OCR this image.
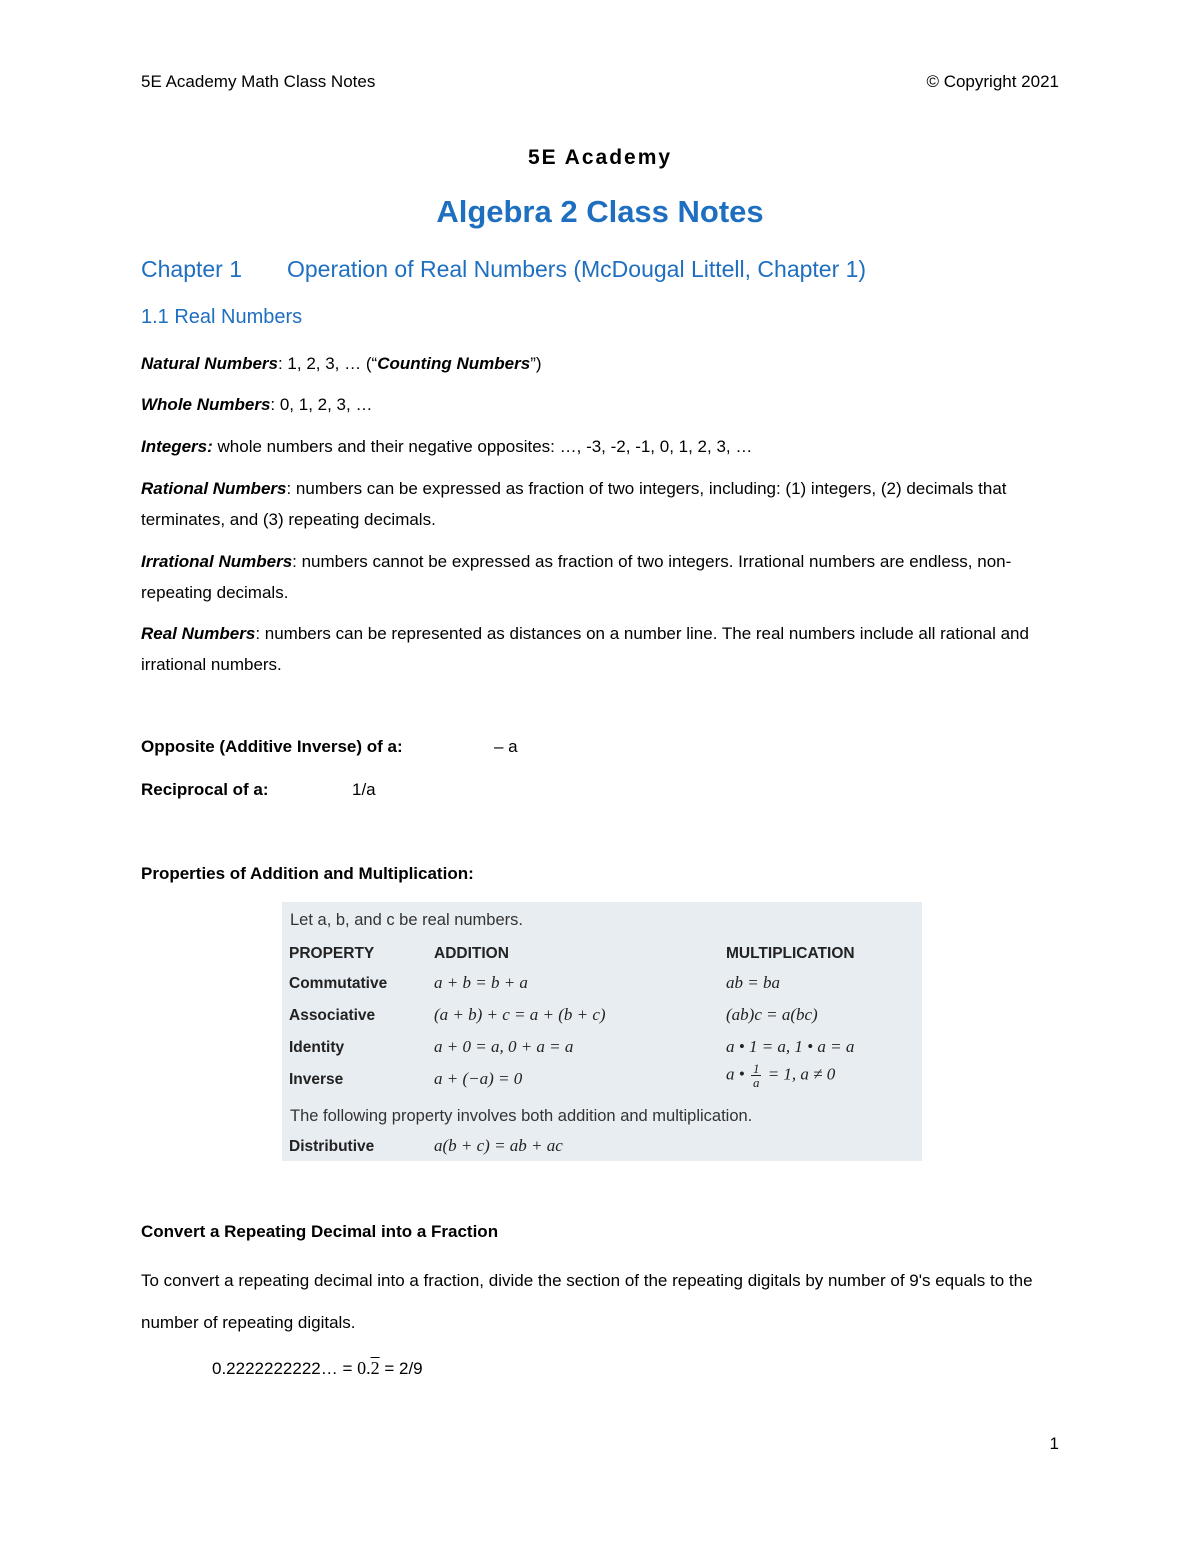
5E Academy Math Class Notes	© Copyright 2021
5E Academy
Algebra 2 Class Notes
Chapter 1 Operation of Real Numbers (McDougal Littell, Chapter 1)
1.1 Real Numbers
Natural Numbers: 1, 2, 3, … (“Counting Numbers”)
Whole Numbers: 0, 1, 2, 3, …
Integers: whole numbers and their negative opposites: …, -3, -2, -1, 0, 1, 2, 3, …
Rational Numbers: numbers can be expressed as fraction of two integers, including: (1) integers, (2) decimals that terminates, and (3) repeating decimals.
Irrational Numbers: numbers cannot be expressed as fraction of two integers. Irrational numbers are endless, non-repeating decimals.
Real Numbers: numbers can be represented as distances on a number line. The real numbers include all rational and irrational numbers.
Opposite (Additive Inverse) of a:	– a
Reciprocal of a:	1/a
Properties of Addition and Multiplication:
Let a, b, and c be real numbers.
PROPERTY	ADDITION	MULTIPLICATION
Commutative	a + b = b + a	ab = ba
Associative	(a + b) + c = a + (b + c)	(ab)c = a(bc)
Identity	a + 0 = a, 0 + a = a	a • 1 = a, 1 • a = a
Inverse	a + (−a) = 0	a • $\frac{1}{a} = 1$, a ≠ 0
The following property involves both addition and multiplication.
Distributive	a(b + c) = ab + ac
Convert a Repeating Decimal into a Fraction
To convert a repeating decimal into a fraction, divide the section of the repeating digitals by number of 9's equals to the number of repeating digitals.
0.2222222222… = 0.2 = 2/9
1
